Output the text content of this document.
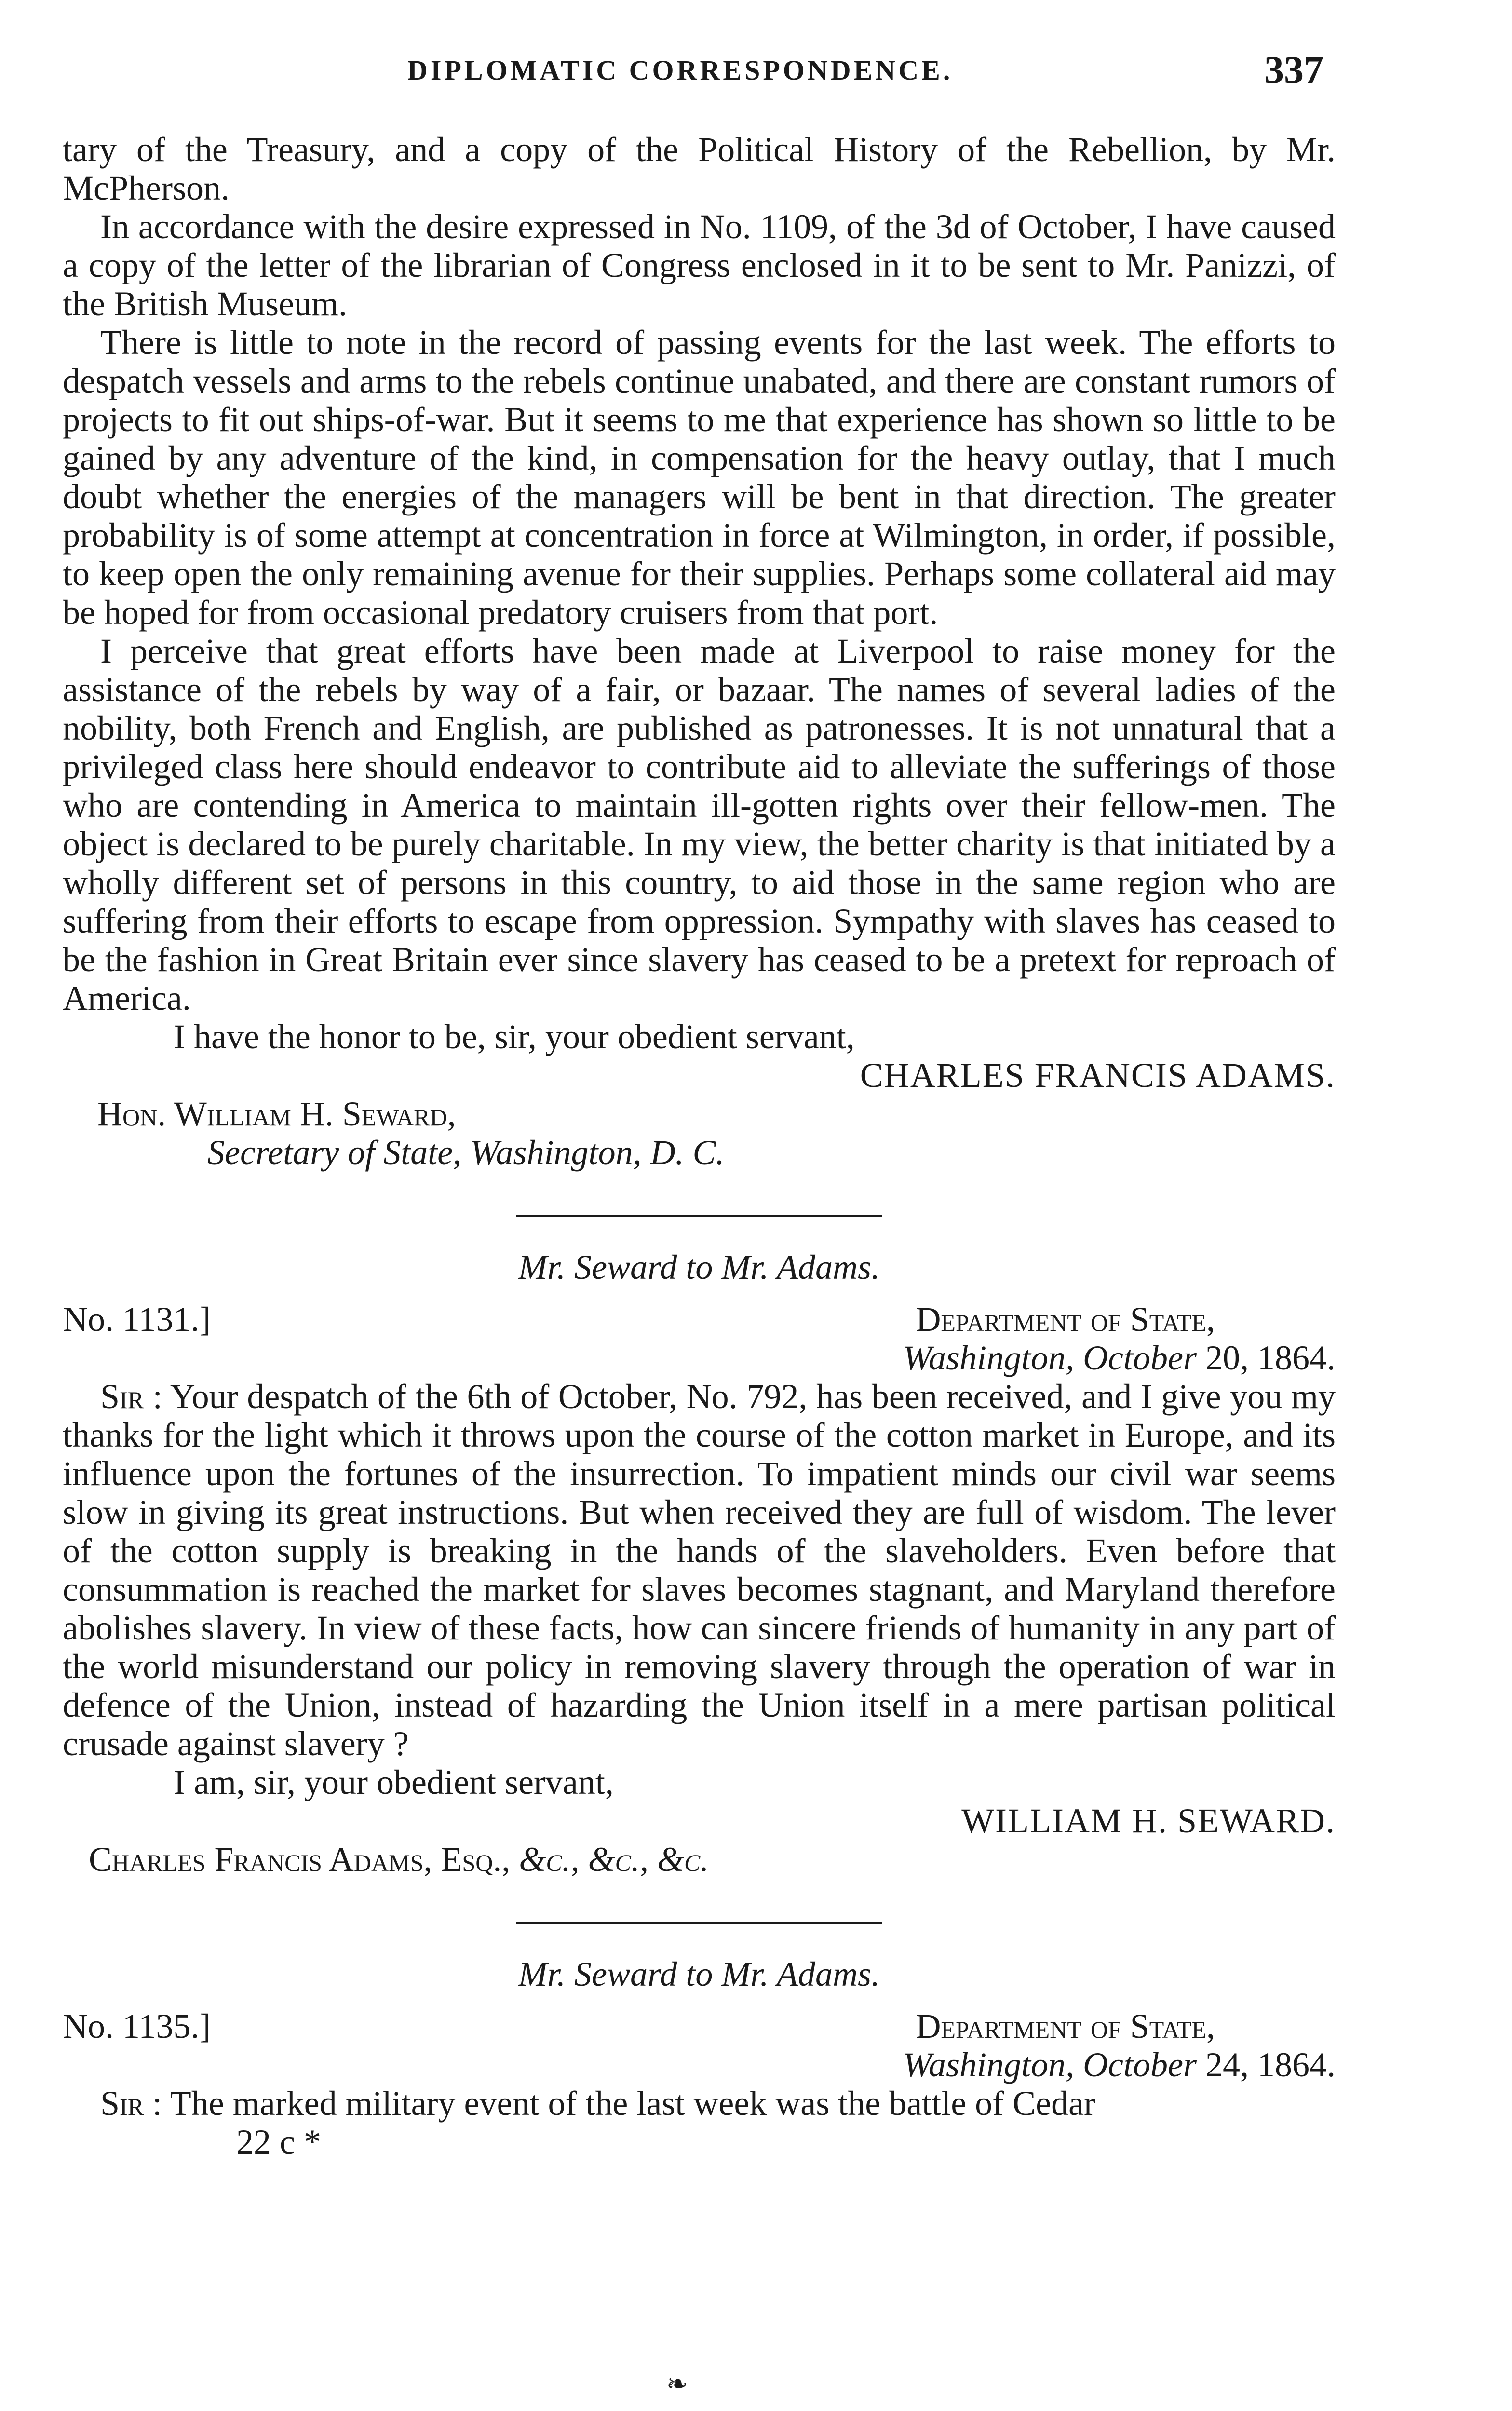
DIPLOMATIC CORRESPONDENCE.	337

tary of the Treasury, and a copy of the Political History of the Rebellion, by Mr. McPherson.

In accordance with the desire expressed in No. 1109, of the 3d of October, I have caused a copy of the letter of the librarian of Congress enclosed in it to be sent to Mr. Panizzi, of the British Museum.

There is little to note in the record of passing events for the last week. The efforts to despatch vessels and arms to the rebels continue unabated, and there are constant rumors of projects to fit out ships-of-war. But it seems to me that experience has shown so little to be gained by any adventure of the kind, in compensation for the heavy outlay, that I much doubt whether the energies of the managers will be bent in that direction. The greater probability is of some attempt at concentration in force at Wilmington, in order, if possible, to keep open the only remaining avenue for their supplies. Perhaps some collateral aid may be hoped for from occasional predatory cruisers from that port.

I perceive that great efforts have been made at Liverpool to raise money for the assistance of the rebels by way of a fair, or bazaar. The names of several ladies of the nobility, both French and English, are published as patronesses. It is not unnatural that a privileged class here should endeavor to contribute aid to alleviate the sufferings of those who are contending in America to maintain ill-gotten rights over their fellow-men. The object is declared to be purely charitable. In my view, the better charity is that initiated by a wholly different set of persons in this country, to aid those in the same region who are suffering from their efforts to escape from oppression. Sympathy with slaves has ceased to be the fashion in Great Britain ever since slavery has ceased to be a pretext for reproach of America.

I have the honor to be, sir, your obedient servant,

CHARLES FRANCIS ADAMS.

Hon. William H. Seward,

Secretary of State, Washington, D. C.

Mr. Seward to Mr. Adams.

No. 1131.]	Department of State,
Washington, October 20, 1864.

Sir : Your despatch of the 6th of October, No. 792, has been received, and I give you my thanks for the light which it throws upon the course of the cotton market in Europe, and its influence upon the fortunes of the insurrection. To impatient minds our civil war seems slow in giving its great instructions. But when received they are full of wisdom. The lever of the cotton supply is breaking in the hands of the slaveholders. Even before that consummation is reached the market for slaves becomes stagnant, and Maryland therefore abolishes slavery. In view of these facts, how can sincere friends of humanity in any part of the world misunderstand our policy in removing slavery through the operation of war in defence of the Union, instead of hazarding the Union itself in a mere partisan political crusade against slavery ?

I am, sir, your obedient servant,

WILLIAM H. SEWARD.

Charles Francis Adams, Esq., &c., &c., &c.

Mr. Seward to Mr. Adams.

No. 1135.]	Department of State,
Washington, October 24, 1864.

Sir : The marked military event of the last week was the battle of Cedar

22 c *

❧
